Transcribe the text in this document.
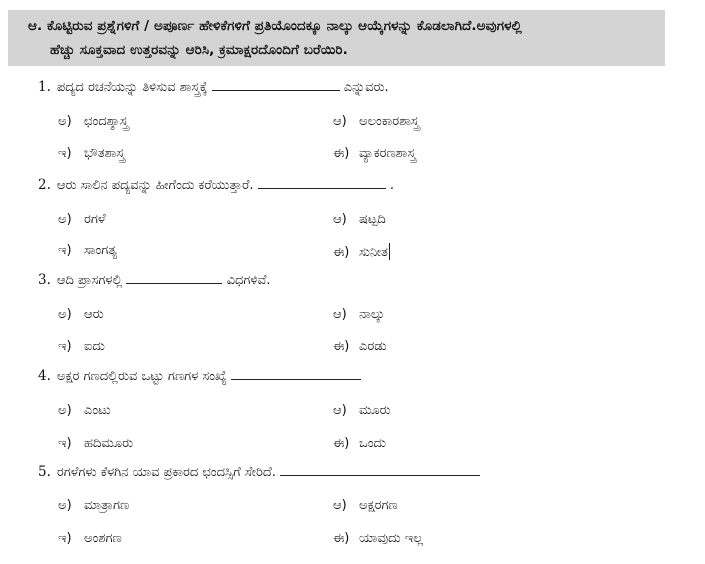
ಆ. ಕೊಟ್ಟಿರುವ ಪ್ರಶ್ನೆಗಳಿಗೆ / ಅಪೂರ್ಣ ಹೇಳಿಕೆಗಳಿಗೆ ಪ್ರತಿಯೊಂದಕ್ಕೂ ನಾಲ್ಕು ಆಯ್ಕೆಗಳನ್ನು ಕೊಡಲಾಗಿದೆ.ಅವುಗಳಲ್ಲಿ
ಹೆಚ್ಚು ಸೂಕ್ತವಾದ ಉತ್ತರವನ್ನು ಆರಿಸಿ, ಕ್ರಮಾಕ್ಷರದೊಂದಿಗೆ ಬರೆಯಿರಿ.
1. ಪದ್ಯದ ರಚನೆಯನ್ನು ತಿಳಿಸುವ ಶಾಸ್ತ್ರಕ್ಕೆ	ಎನ್ನುವರು.
ಅ) ಛಂದಶ್ಶಾಸ್ತ್ರ	ಆ) ಅಲಂಕಾರಶಾಸ್ತ್ರ
ಇ) ಭೌತಶಾಸ್ತ್ರ	ಈ) ವ್ಯಾಕರಣಶಾಸ್ತ್ರ
2. ಆರು ಸಾಲಿನ ಪದ್ಯವನ್ನು ಹೀಗೆಂದು ಕರೆಯುತ್ತಾರೆ.	.
ಅ) ರಗಳೆ	ಆ) ಷಟ್ಪದಿ
ಇ) ಸಾಂಗತ್ಯ	ಈ) ಸುನೀತ
3. ಆದಿ ಪ್ರಾಸಗಳಲ್ಲಿ	ವಿಧಗಳಿವೆ.
ಅ) ಆರು	ಆ) ನಾಲ್ಕು
ಇ) ಐದು	ಈ) ಎರಡು
4. ಅಕ್ಷರ ಗಣದಲ್ಲಿರುವ ಒಟ್ಟು ಗಣಗಳ ಸಂಖ್ಯೆ
ಅ) ಎಂಟು	ಆ) ಮೂರು
ಇ) ಹದಿಮೂರು	ಈ) ಒಂದು
5. ರಗಳೆಗಳು ಕೆಳಗಿನ ಯಾವ ಪ್ರಕಾರದ ಛಂದಸ್ಸಿಗೆ ಸೇರಿದೆ.
ಅ) ಮಾತ್ರಾಗಣ	ಆ) ಅಕ್ಷರಗಣ
ಇ) ಅಂಶಗಣ	ಈ) ಯಾವುದು ಇಲ್ಲ
